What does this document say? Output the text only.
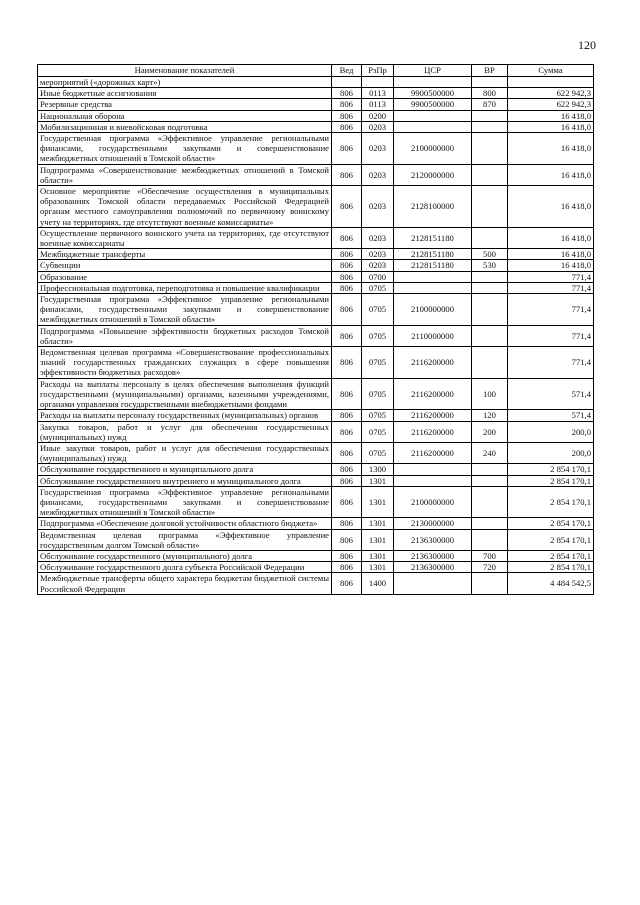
120
Наименование показателей	Вед	РзПр	ЦСР	ВР	Сумма
мероприятий («дорожных карт»)					
Иные бюджетные ассигнования	806	0113	9900500000	800	622 942,3
Резервные средства	806	0113	9900500000	870	622 942,3
Национальная оборона	806	0200			16 418,0
Мобилизационная и вневойсковая подготовка	806	0203			16 418,0
Государственная программа «Эффективное управление региональными финансами, государственными закупками и совершенствование межбюджетных отношений в Томской области»	806	0203	2100000000		16 418,0
Подпрограмма «Совершенствование межбюджетных отношений в Томской области»	806	0203	2120000000		16 418,0
Основное мероприятие «Обеспечение осуществления в муниципальных образованиях Томской области передаваемых Российской Федерацией органам местного самоуправления полномочий по первичному воинскому учету на территориях, где отсутствуют военные комиссариаты»	806	0203	2128100000		16 418,0
Осуществление первичного воинского учета на территориях, где отсутствуют военные комиссариаты	806	0203	2128151180		16 418,0
Межбюджетные трансферты	806	0203	2128151180	500	16 418,0
Субвенции	806	0203	2128151180	530	16 418,0
Образование	806	0700			771,4
Профессиональная подготовка, переподготовка и повышение квалификации	806	0705			771,4
Государственная программа «Эффективное управление региональными финансами, государственными закупками и совершенствование межбюджетных отношений в Томской области»	806	0705	2100000000		771,4
Подпрограмма «Повышение эффективности бюджетных расходов Томской области»	806	0705	2110000000		771,4
Ведомственная целевая программа «Совершенствование профессиональных знаний государственных гражданских служащих в сфере повышения эффективности бюджетных расходов»	806	0705	2116200000		771,4
Расходы на выплаты персоналу в целях обеспечения выполнения функций государственными (муниципальными) органами, казенными учреждениями, органами управления государственными внебюджетными фондами	806	0705	2116200000	100	571,4
Расходы на выплаты персоналу государственных (муниципальных) органов	806	0705	2116200000	120	571,4
Закупка товаров, работ и услуг для обеспечения государственных (муниципальных) нужд	806	0705	2116200000	200	200,0
Иные закупки товаров, работ и услуг для обеспечения государственных (муниципальных) нужд	806	0705	2116200000	240	200,0
Обслуживание государственного и муниципального долга	806	1300			2 854 170,1
Обслуживание государственного внутреннего и муниципального долга	806	1301			2 854 170,1
Государственная программа «Эффективное управление региональными финансами, государственными закупками и совершенствование межбюджетных отношений в Томской области»	806	1301	2100000000		2 854 170,1
Подпрограмма «Обеспечение долговой устойчивости областного бюджета»	806	1301	2130000000		2 854 170,1
Ведомственная целевая программа «Эффективное управление государственным долгом Томской области»	806	1301	2136300000		2 854 170,1
Обслуживание государственного (муниципального) долга	806	1301	2136300000	700	2 854 170,1
Обслуживание государственного долга субъекта Российской Федерации	806	1301	2136300000	720	2 854 170,1
Межбюджетные трансферты общего характера бюджетам бюджетной системы Российской Федерации	806	1400			4 484 542,5
